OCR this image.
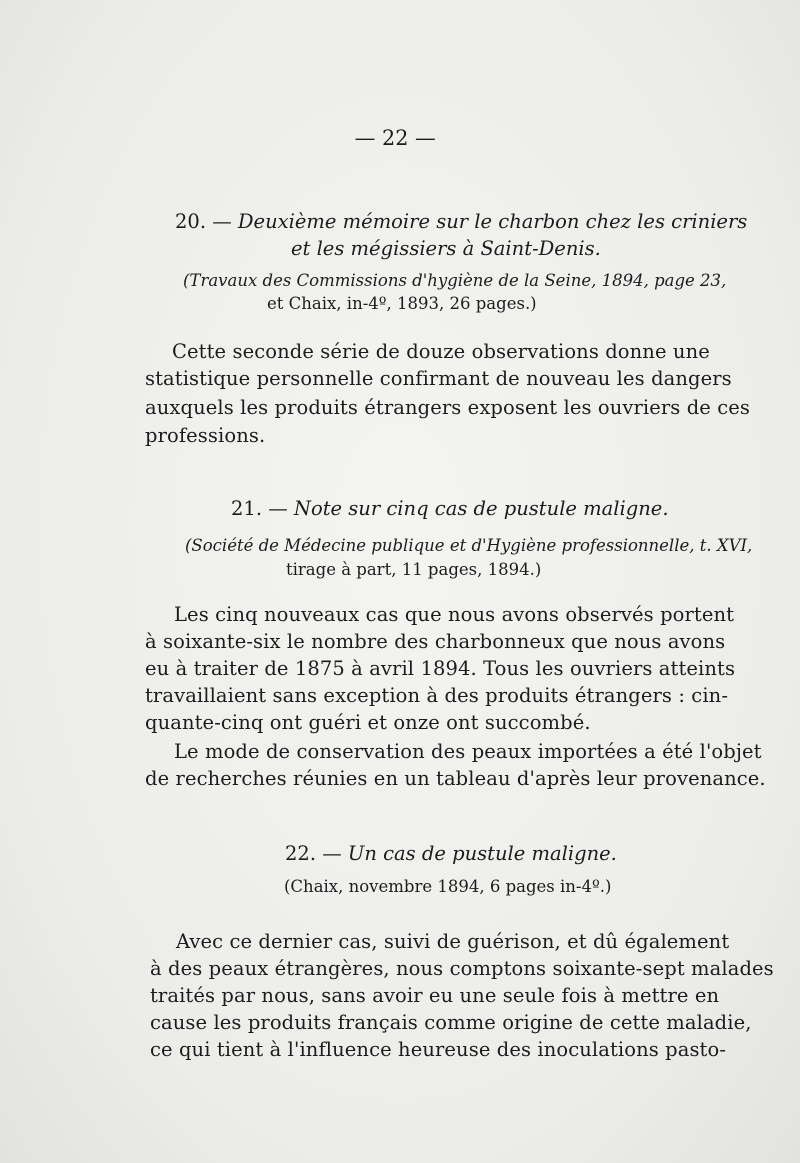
— 22 —
20. — Deuxième mémoire sur le charbon chez les criniers
et les mégissiers à Saint-Denis.
(Travaux des Commissions d'hygiène de la Seine, 1894, page 23,
et Chaix, in-4º, 1893, 26 pages.)
Cette seconde série de douze observations donne une
statistique personnelle confirmant de nouveau les dangers
auxquels les produits étrangers exposent les ouvriers de ces
professions.
21. — Note sur cinq cas de pustule maligne.
(Société de Médecine publique et d'Hygiène professionnelle, t. XVI,
tirage à part, 11 pages, 1894.)
Les cinq nouveaux cas que nous avons observés portent
à soixante-six le nombre des charbonneux que nous avons
eu à traiter de 1875 à avril 1894. Tous les ouvriers atteints
travaillaient sans exception à des produits étrangers : cin-
quante-cinq ont guéri et onze ont succombé.
Le mode de conservation des peaux importées a été l'objet
de recherches réunies en un tableau d'après leur provenance.
22. — Un cas de pustule maligne.
(Chaix, novembre 1894, 6 pages in-4º.)
Avec ce dernier cas, suivi de guérison, et dû également
à des peaux étrangères, nous comptons soixante-sept malades
traités par nous, sans avoir eu une seule fois à mettre en
cause les produits français comme origine de cette maladie,
ce qui tient à l'influence heureuse des inoculations pasto-
